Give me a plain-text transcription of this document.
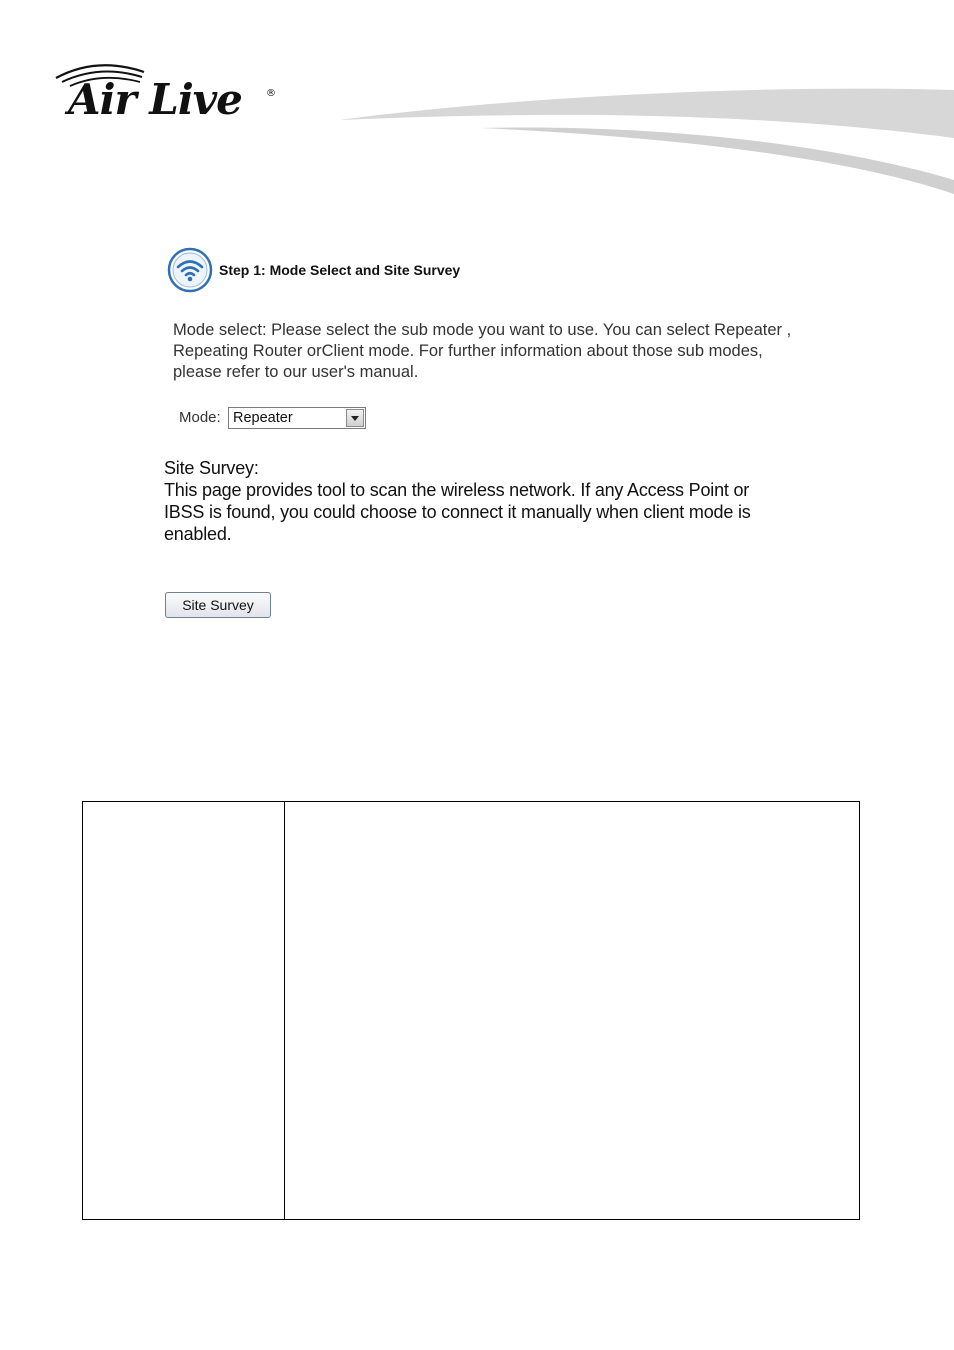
Air Live ®
Step 1: Mode Select and Site Survey
Mode select: Please select the sub mode you want to use. You can select Repeater , Repeating Router orClient mode. For further information about those sub modes, please refer to our user's manual.
Mode: Repeater
Site Survey:
This page provides tool to scan the wireless network. If any Access Point or IBSS is found, you could choose to connect it manually when client mode is enabled.
Site Survey
